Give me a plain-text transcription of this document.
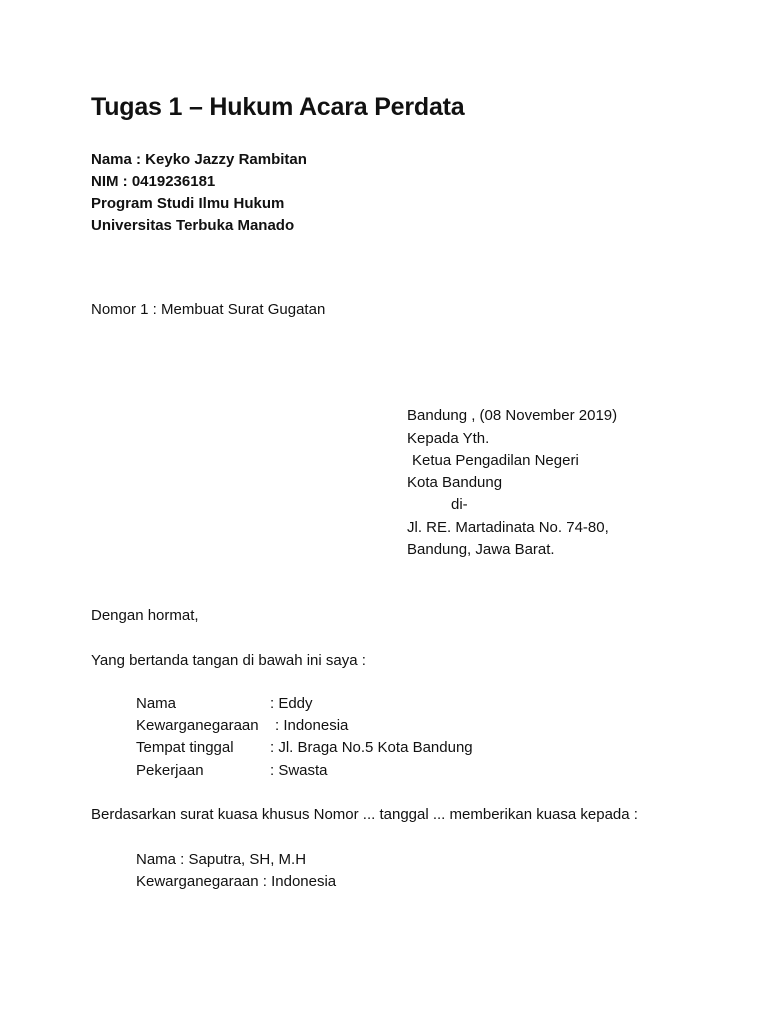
Tugas 1 – Hukum Acara Perdata
Nama : Keyko Jazzy Rambitan
NIM : 0419236181
Program Studi Ilmu Hukum
Universitas Terbuka Manado
Nomor 1 : Membuat Surat Gugatan
Bandung , (08 November 2019)
Kepada Yth.
Ketua Pengadilan Negeri
Kota Bandung
di-
Jl. RE. Martadinata No. 74-80,
Bandung, Jawa Barat.
Dengan hormat,
Yang bertanda tangan di bawah ini saya :
Nama	: Eddy
Kewarganegaraan : Indonesia
Tempat tinggal : Jl. Braga No.5 Kota Bandung
Pekerjaan	: Swasta
Berdasarkan surat kuasa khusus Nomor ... tanggal ... memberikan kuasa kepada :
Nama : Saputra, SH, M.H
Kewarganegaraan : Indonesia
